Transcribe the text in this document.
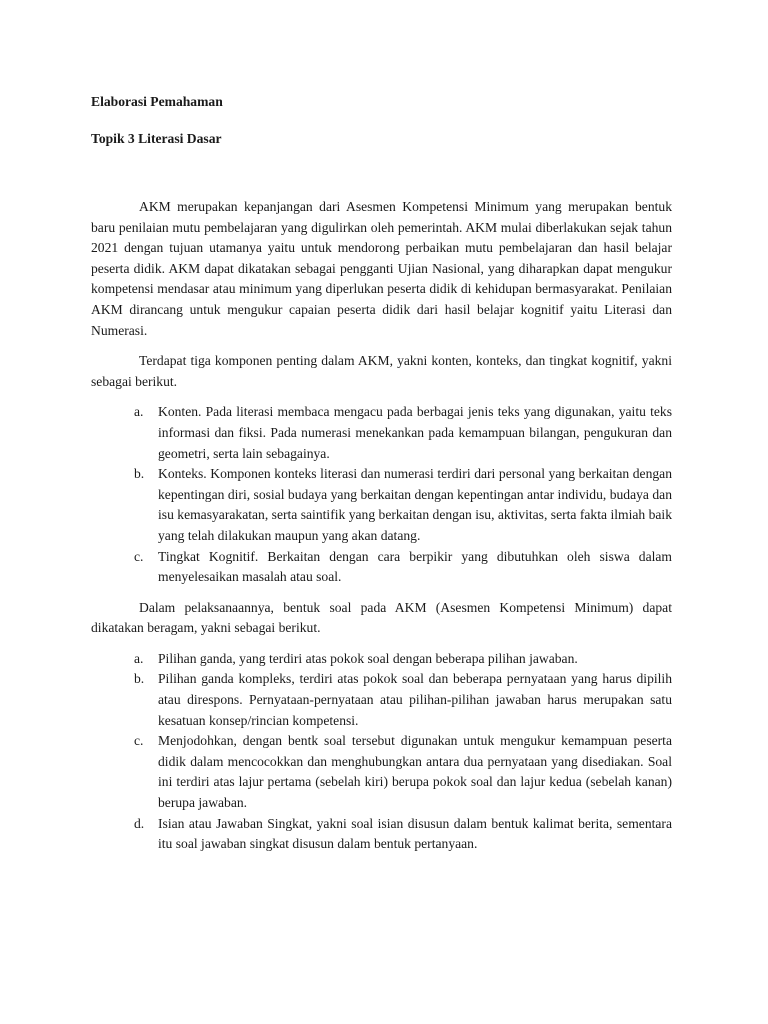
Elaborasi Pemahaman

Topik 3 Literasi Dasar

AKM merupakan kepanjangan dari Asesmen Kompetensi Minimum yang merupakan bentuk baru penilaian mutu pembelajaran yang digulirkan oleh pemerintah. AKM mulai diberlakukan sejak tahun 2021 dengan tujuan utamanya yaitu untuk mendorong perbaikan mutu pembelajaran dan hasil belajar peserta didik. AKM dapat dikatakan sebagai pengganti Ujian Nasional, yang diharapkan dapat mengukur kompetensi mendasar atau minimum yang diperlukan peserta didik di kehidupan bermasyarakat. Penilaian AKM dirancang untuk mengukur capaian peserta didik dari hasil belajar kognitif yaitu Literasi dan Numerasi.

Terdapat tiga komponen penting dalam AKM, yakni konten, konteks, dan tingkat kognitif, yakni sebagai berikut.

a. Konten. Pada literasi membaca mengacu pada berbagai jenis teks yang digunakan, yaitu teks informasi dan fiksi. Pada numerasi menekankan pada kemampuan bilangan, pengukuran dan geometri, serta lain sebagainya.
b. Konteks. Komponen konteks literasi dan numerasi terdiri dari personal yang berkaitan dengan kepentingan diri, sosial budaya yang berkaitan dengan kepentingan antar individu, budaya dan isu kemasyarakatan, serta saintifik yang berkaitan dengan isu, aktivitas, serta fakta ilmiah baik yang telah dilakukan maupun yang akan datang.
c. Tingkat Kognitif. Berkaitan dengan cara berpikir yang dibutuhkan oleh siswa dalam menyelesaikan masalah atau soal.

Dalam pelaksanaannya, bentuk soal pada AKM (Asesmen Kompetensi Minimum) dapat dikatakan beragam, yakni sebagai berikut.

a. Pilihan ganda, yang terdiri atas pokok soal dengan beberapa pilihan jawaban.
b. Pilihan ganda kompleks, terdiri atas pokok soal dan beberapa pernyataan yang harus dipilih atau direspons. Pernyataan-pernyataan atau pilihan-pilihan jawaban harus merupakan satu kesatuan konsep/rincian kompetensi.
c. Menjodohkan, dengan bentk soal tersebut digunakan untuk mengukur kemampuan peserta didik dalam mencocokkan dan menghubungkan antara dua pernyataan yang disediakan. Soal ini terdiri atas lajur pertama (sebelah kiri) berupa pokok soal dan lajur kedua (sebelah kanan) berupa jawaban.
d. Isian atau Jawaban Singkat, yakni soal isian disusun dalam bentuk kalimat berita, sementara itu soal jawaban singkat disusun dalam bentuk pertanyaan.
